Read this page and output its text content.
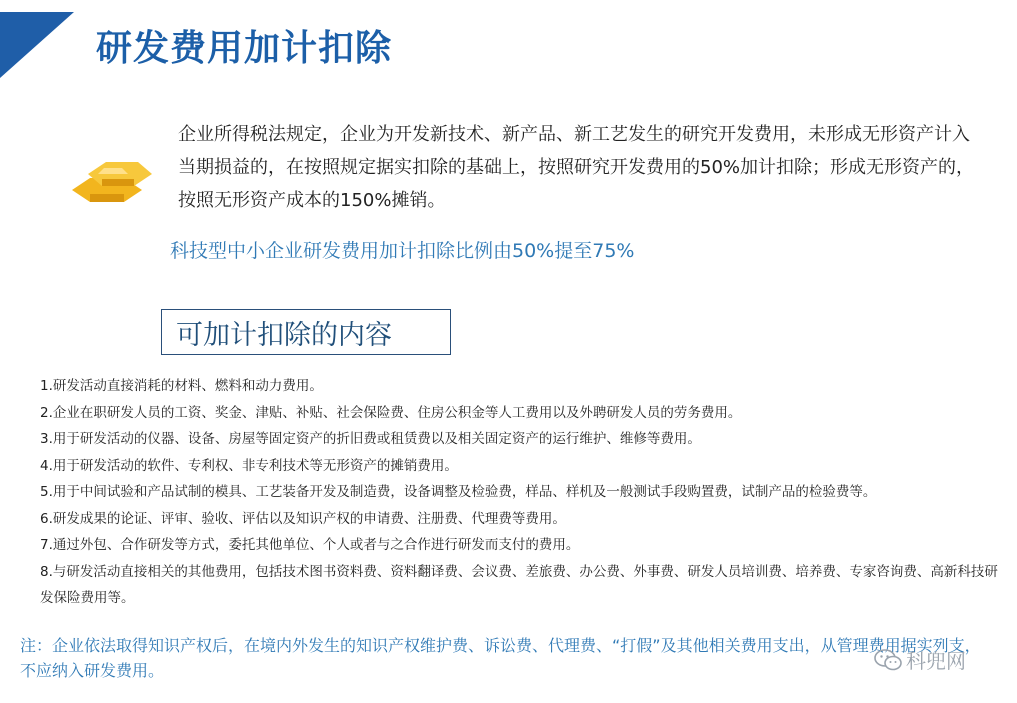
研发费用加计扣除
企业所得税法规定，企业为开发新技术、新产品、新工艺发生的研究开发费用，未形成无形资产计入当期损益的，在按照规定据实扣除的基础上，按照研究开发费用的50%加计扣除；形成无形资产的，按照无形资产成本的150%摊销。
科技型中小企业研发费用加计扣除比例由50%提至75%
可加计扣除的内容
1.研发活动直接消耗的材料、燃料和动力费用。
2.企业在职研发人员的工资、奖金、津贴、补贴、社会保险费、住房公积金等人工费用以及外聘研发人员的劳务费用。
3.用于研发活动的仪器、设备、房屋等固定资产的折旧费或租赁费以及相关固定资产的运行维护、维修等费用。
4.用于研发活动的软件、专利权、非专利技术等无形资产的摊销费用。
5.用于中间试验和产品试制的模具、工艺装备开发及制造费，设备调整及检验费，样品、样机及一般测试手段购置费，试制产品的检验费等。
6.研发成果的论证、评审、验收、评估以及知识产权的申请费、注册费、代理费等费用。
7.通过外包、合作研发等方式，委托其他单位、个人或者与之合作进行研发而支付的费用。
8.与研发活动直接相关的其他费用，包括技术图书资料费、资料翻译费、会议费、差旅费、办公费、外事费、研发人员培训费、培养费、专家咨询费、高新科技研发保险费用等。
注：企业依法取得知识产权后，在境内外发生的知识产权维护费、诉讼费、代理费、“打假”及其他相关费用支出，从管理费用据实列支，不应纳入研发费用。	科兜网
